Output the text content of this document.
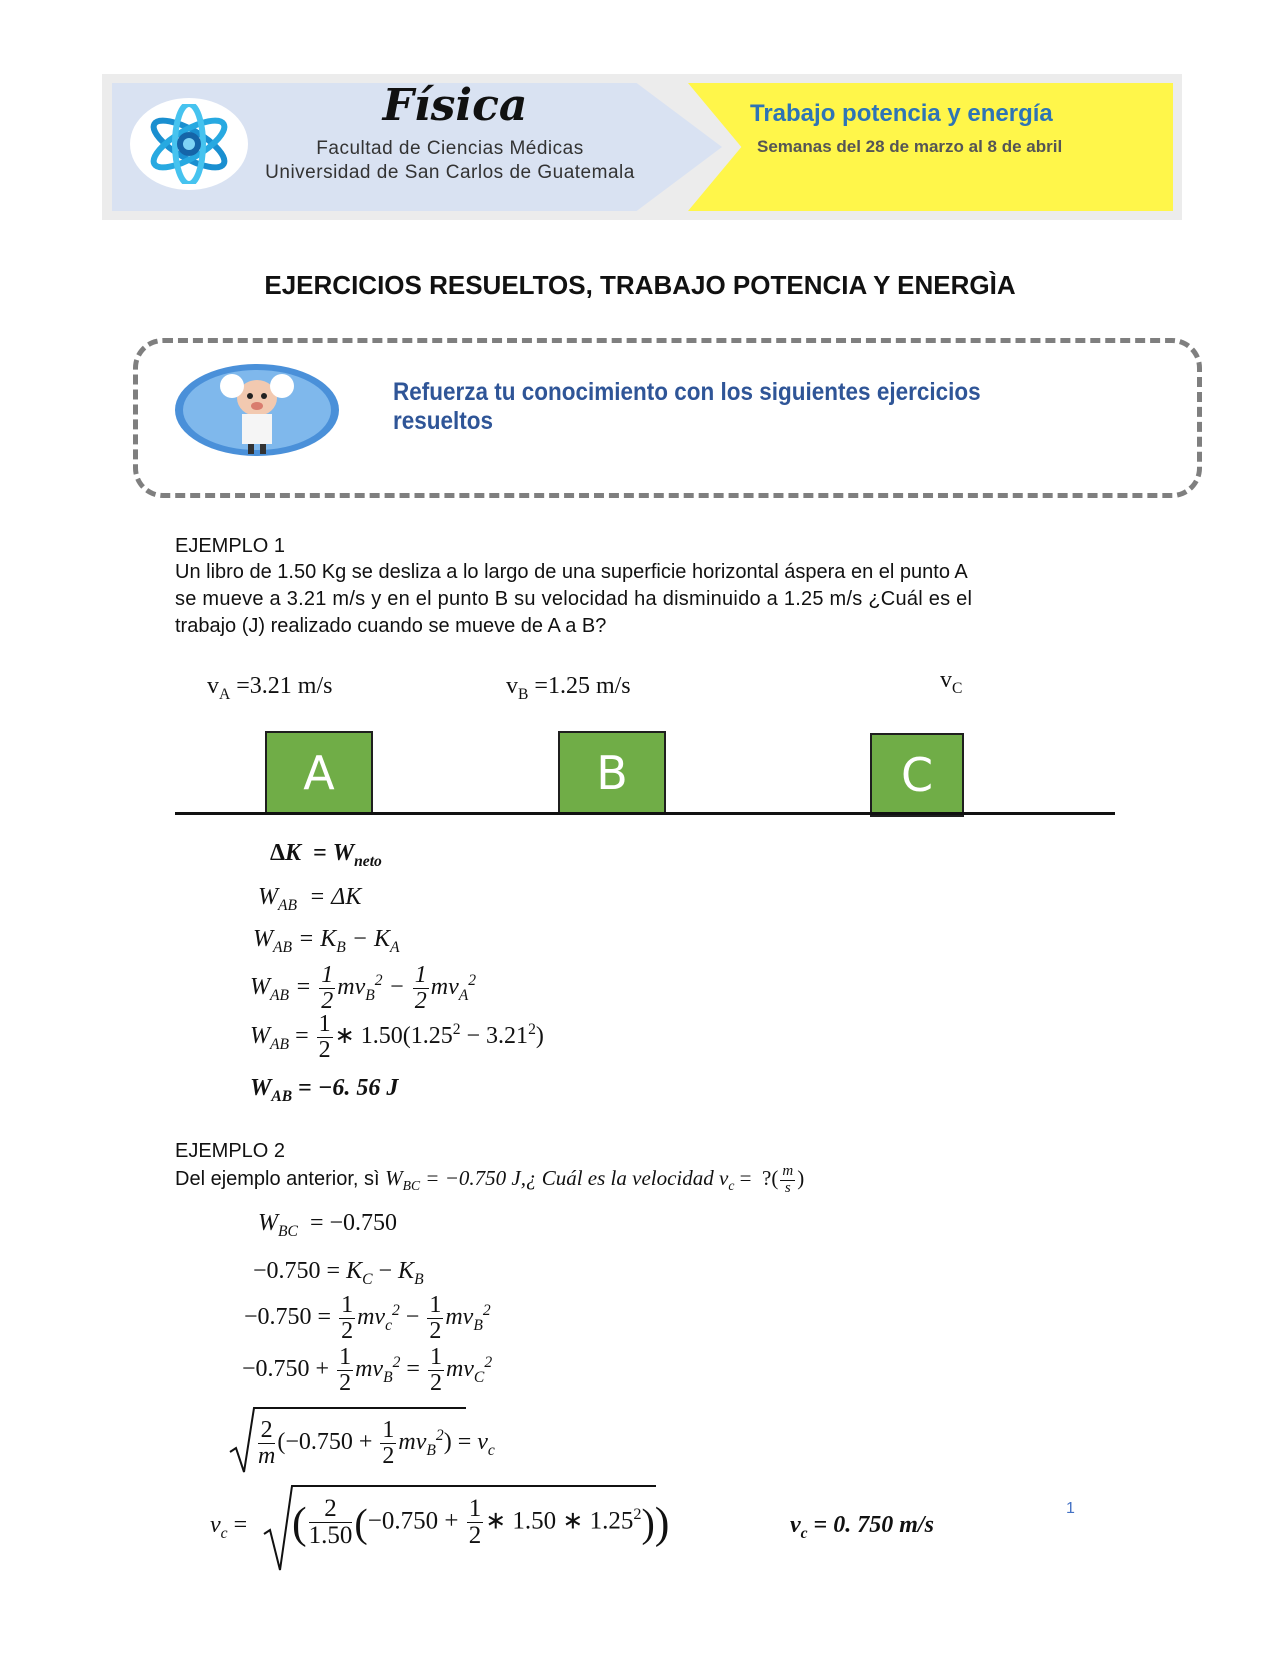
Física
Facultad de Ciencias Médicas
Universidad de San Carlos de Guatemala
Trabajo potencia y energía
Semanas del 28 de marzo al 8 de abril
EJERCICIOS RESUELTOS, TRABAJO POTENCIA Y ENERGÌA
Refuerza tu conocimiento con los siguientes ejercicios resueltos
EJEMPLO 1
Un libro de 1.50 Kg se desliza a lo largo de una superficie horizontal áspera en el punto A
se mueve a 3.21 m/s y en el punto B su velocidad ha disminuido a 1.25 m/s ¿Cuál es el
trabajo (J) realizado cuando se mueve de A a B?
$v_A =3.21$ m/s	$v_B =1.25$ m/s	$v_C$
A	B	C
$\Delta K = W_{neto}$
$W_{AB} = \Delta K$
$W_{AB} = K_B - K_A$
$W_{AB} = \frac{1}{2} mv_B^2 - \frac{1}{2} mv_A^2$
$W_{AB} = \frac{1}{2}$ ∗ $1.50(1.25^2 - 3.21^2)$
$W_{AB} = -6$. 56 J
EJEMPLO 2
Del ejemplo anterior, sì $W_{BC} = -0.750$ J,¿ Cuál es la velocidad $v_c$ =  ?( $\frac{m}{s}$ )
$W_{BC} = -0.750$
$-0.750 = K_C - K_B$
$-0.750 = \frac{1}{2} mv_c^2 - \frac{1}{2} mv_B^2$
$-0.750 + \frac{1}{2} mv_B^2 = \frac{1}{2} mv_C^2$
$\frac{2}{m} (-0.750 + \frac{1}{2} mv_B^2) = v_c$
$v_c$ = ( $\frac{2}{1.50} (-0.750 + \frac{1}{2}$ ∗ 1.50 ∗ 1.25$^2$))	$v_c = 0$. 750 m/s
1
